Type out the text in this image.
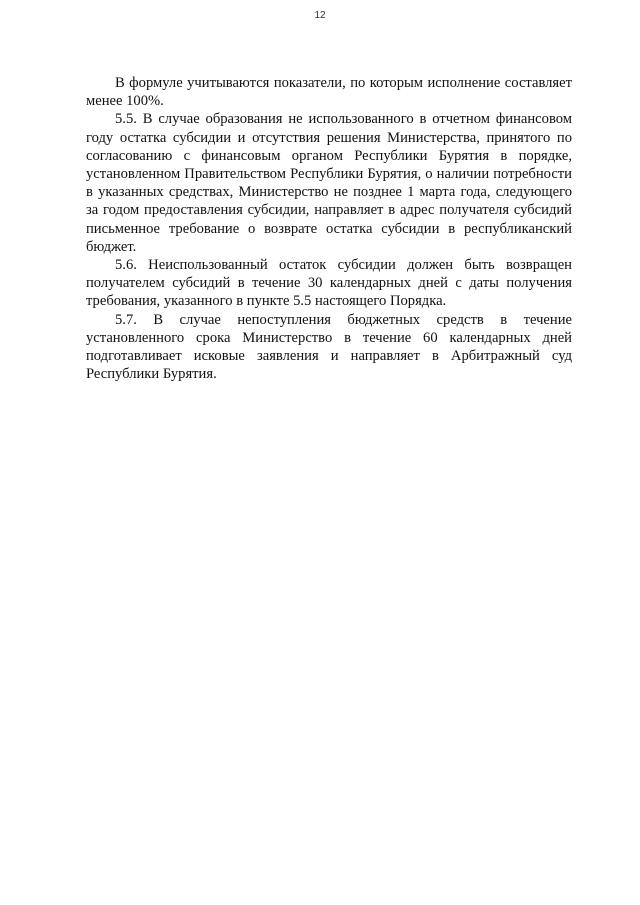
12

В формуле учитываются показатели, по которым исполнение составляет менее 100%.

5.5. В случае образования не использованного в отчетном финансовом году остатка субсидии и отсутствия решения Министерства, принятого по согласованию с финансовым органом Республики Бурятия в порядке, установленном Правительством Республики Бурятия, о наличии потребности в указанных средствах, Министерство не позднее 1 марта года, следующего за годом предоставления субсидии, направляет в адрес получателя субсидий письменное требование о возврате остатка субсидии в республиканский бюджет.

5.6. Неиспользованный остаток субсидии должен быть возвращен получателем субсидий в течение 30 календарных дней с даты получения требования, указанного в пункте 5.5 настоящего Порядка.

5.7. В случае непоступления бюджетных средств в течение установленного срока Министерство в течение 60 календарных дней подготавливает исковые заявления и направляет в Арбитражный суд Республики Бурятия.
